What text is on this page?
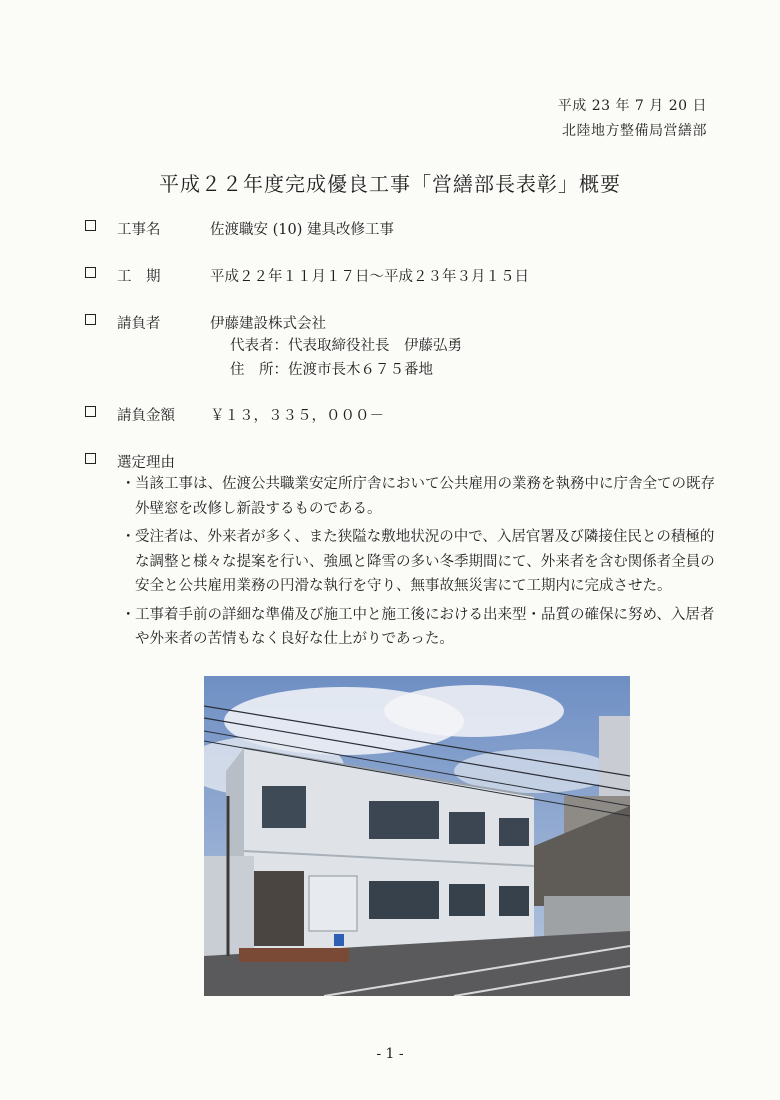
平成 23 年 7 月 20 日
北陸地方整備局営繕部
平成２２年度完成優良工事「営繕部長表彰」概要
工事名	佐渡職安 (10) 建具改修工事
工　期	平成２２年１１月１７日～平成２３年３月１５日
請負者	伊藤建設株式会社
代表者：代表取締役社長　伊藤弘勇
住　所：佐渡市長木６７５番地
請負金額 ￥１３，３３５，０００－
選定理由
・ 当該工事は、佐渡公共職業安定所庁舎において公共雇用の業務を執務中に庁舎全ての既存外壁窓を改修し新設するものである。
・ 受注者は、外来者が多く、また狭隘な敷地状況の中で、入居官署及び隣接住民との積極的な調整と様々な提案を行い、強風と降雪の多い冬季期間にて、外来者を含む関係者全員の安全と公共雇用業務の円滑な執行を守り、無事故無災害にて工期内に完成させた。
・ 工事着手前の詳細な準備及び施工中と施工後における出来型・品質の確保に努め、入居者や外来者の苦情もなく良好な仕上がりであった。
- 1 -
